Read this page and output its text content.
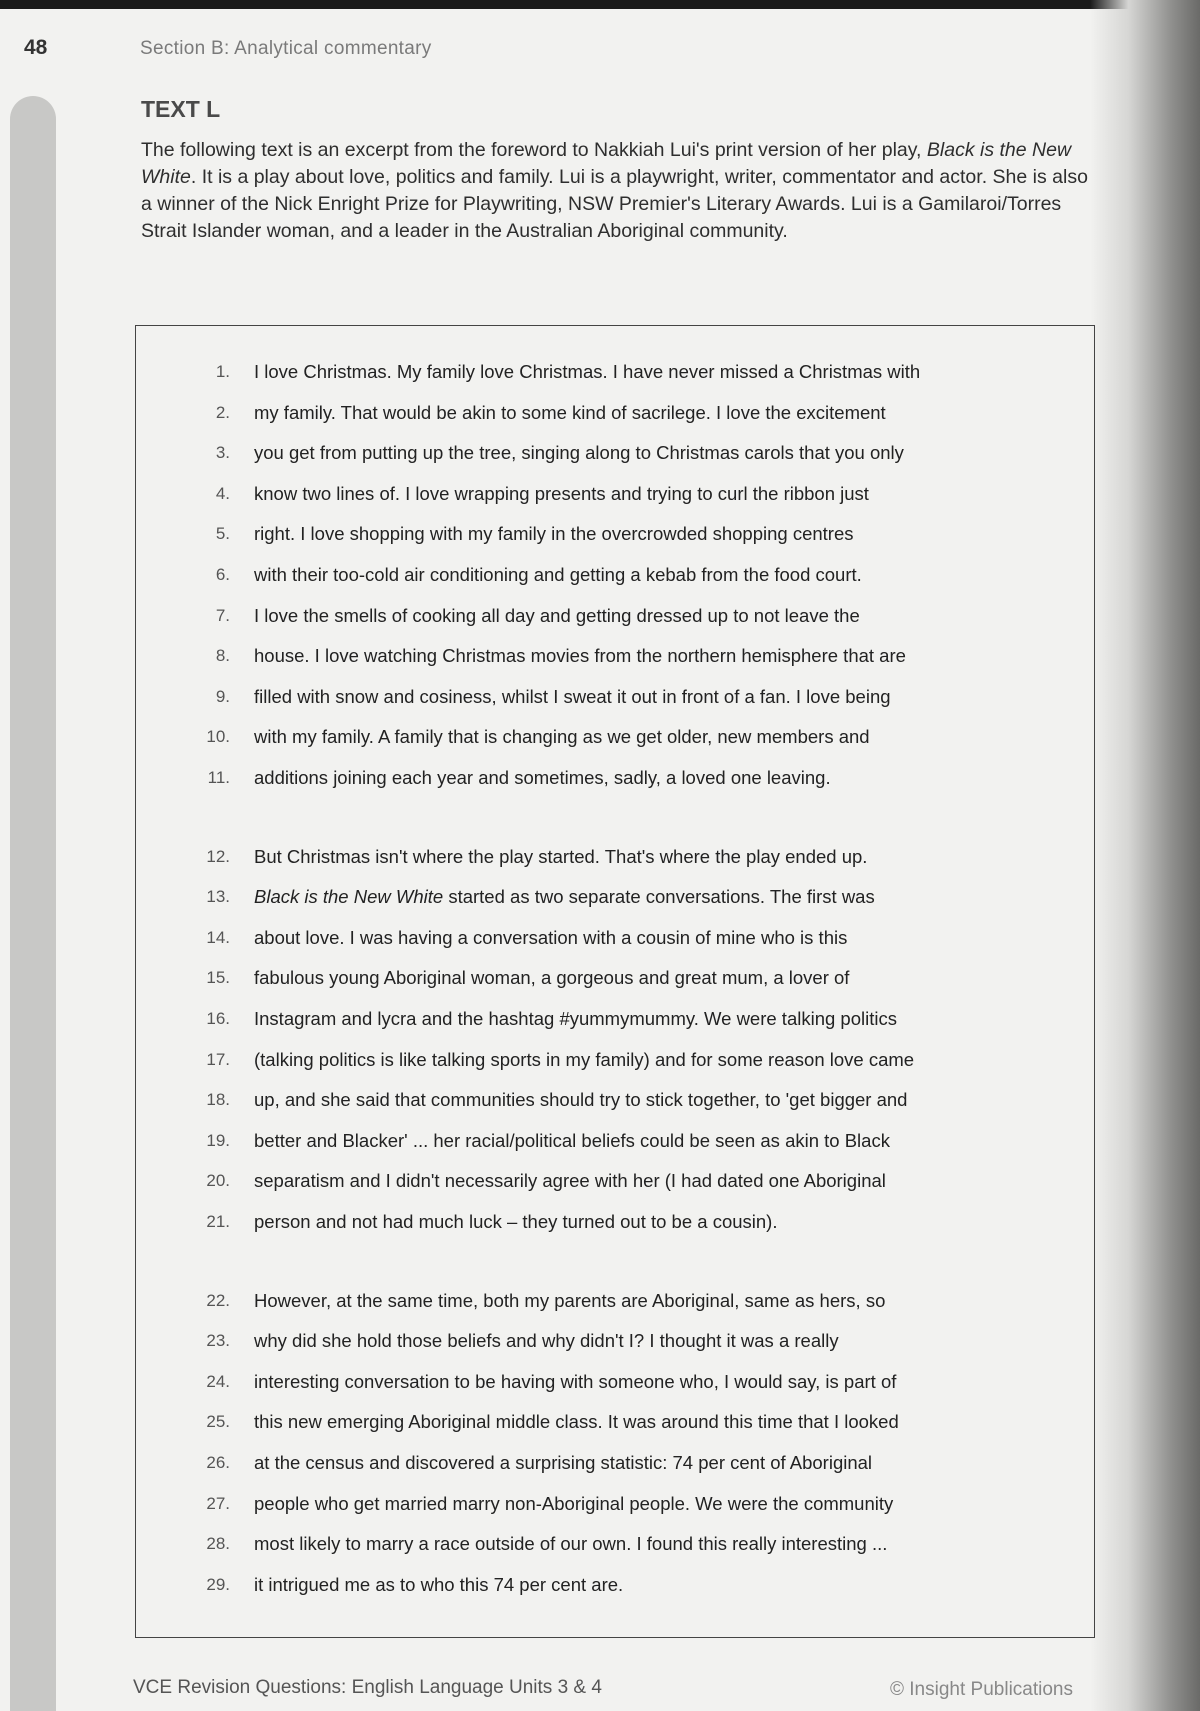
48	Section B: Analytical commentary
TEXT L
The following text is an excerpt from the foreword to Nakkiah Lui's print version of her play, Black is the New White. It is a play about love, politics and family. Lui is a playwright, writer, commentator and actor. She is also a winner of the Nick Enright Prize for Playwriting, NSW Premier's Literary Awards. Lui is a Gamilaroi/Torres Strait Islander woman, and a leader in the Australian Aboriginal community.
1. I love Christmas. My family love Christmas. I have never missed a Christmas with
2. my family. That would be akin to some kind of sacrilege. I love the excitement
3. you get from putting up the tree, singing along to Christmas carols that you only
4. know two lines of. I love wrapping presents and trying to curl the ribbon just
5. right. I love shopping with my family in the overcrowded shopping centres
6. with their too-cold air conditioning and getting a kebab from the food court.
7. I love the smells of cooking all day and getting dressed up to not leave the
8. house. I love watching Christmas movies from the northern hemisphere that are
9. filled with snow and cosiness, whilst I sweat it out in front of a fan. I love being
10. with my family. A family that is changing as we get older, new members and
11. additions joining each year and sometimes, sadly, a loved one leaving.
12. But Christmas isn't where the play started. That's where the play ended up.
13. Black is the New White started as two separate conversations. The first was
14. about love. I was having a conversation with a cousin of mine who is this
15. fabulous young Aboriginal woman, a gorgeous and great mum, a lover of
16. Instagram and lycra and the hashtag #yummymummy. We were talking politics
17. (talking politics is like talking sports in my family) and for some reason love came
18. up, and she said that communities should try to stick together, to 'get bigger and
19. better and Blacker' ... her racial/political beliefs could be seen as akin to Black
20. separatism and I didn't necessarily agree with her (I had dated one Aboriginal
21. person and not had much luck – they turned out to be a cousin).
22. However, at the same time, both my parents are Aboriginal, same as hers, so
23. why did she hold those beliefs and why didn't I? I thought it was a really
24. interesting conversation to be having with someone who, I would say, is part of
25. this new emerging Aboriginal middle class. It was around this time that I looked
26. at the census and discovered a surprising statistic: 74 per cent of Aboriginal
27. people who get married marry non-Aboriginal people. We were the community
28. most likely to marry a race outside of our own. I found this really interesting ...
29. it intrigued me as to who this 74 per cent are.
VCE Revision Questions: English Language Units 3 & 4	© Insight Publications
